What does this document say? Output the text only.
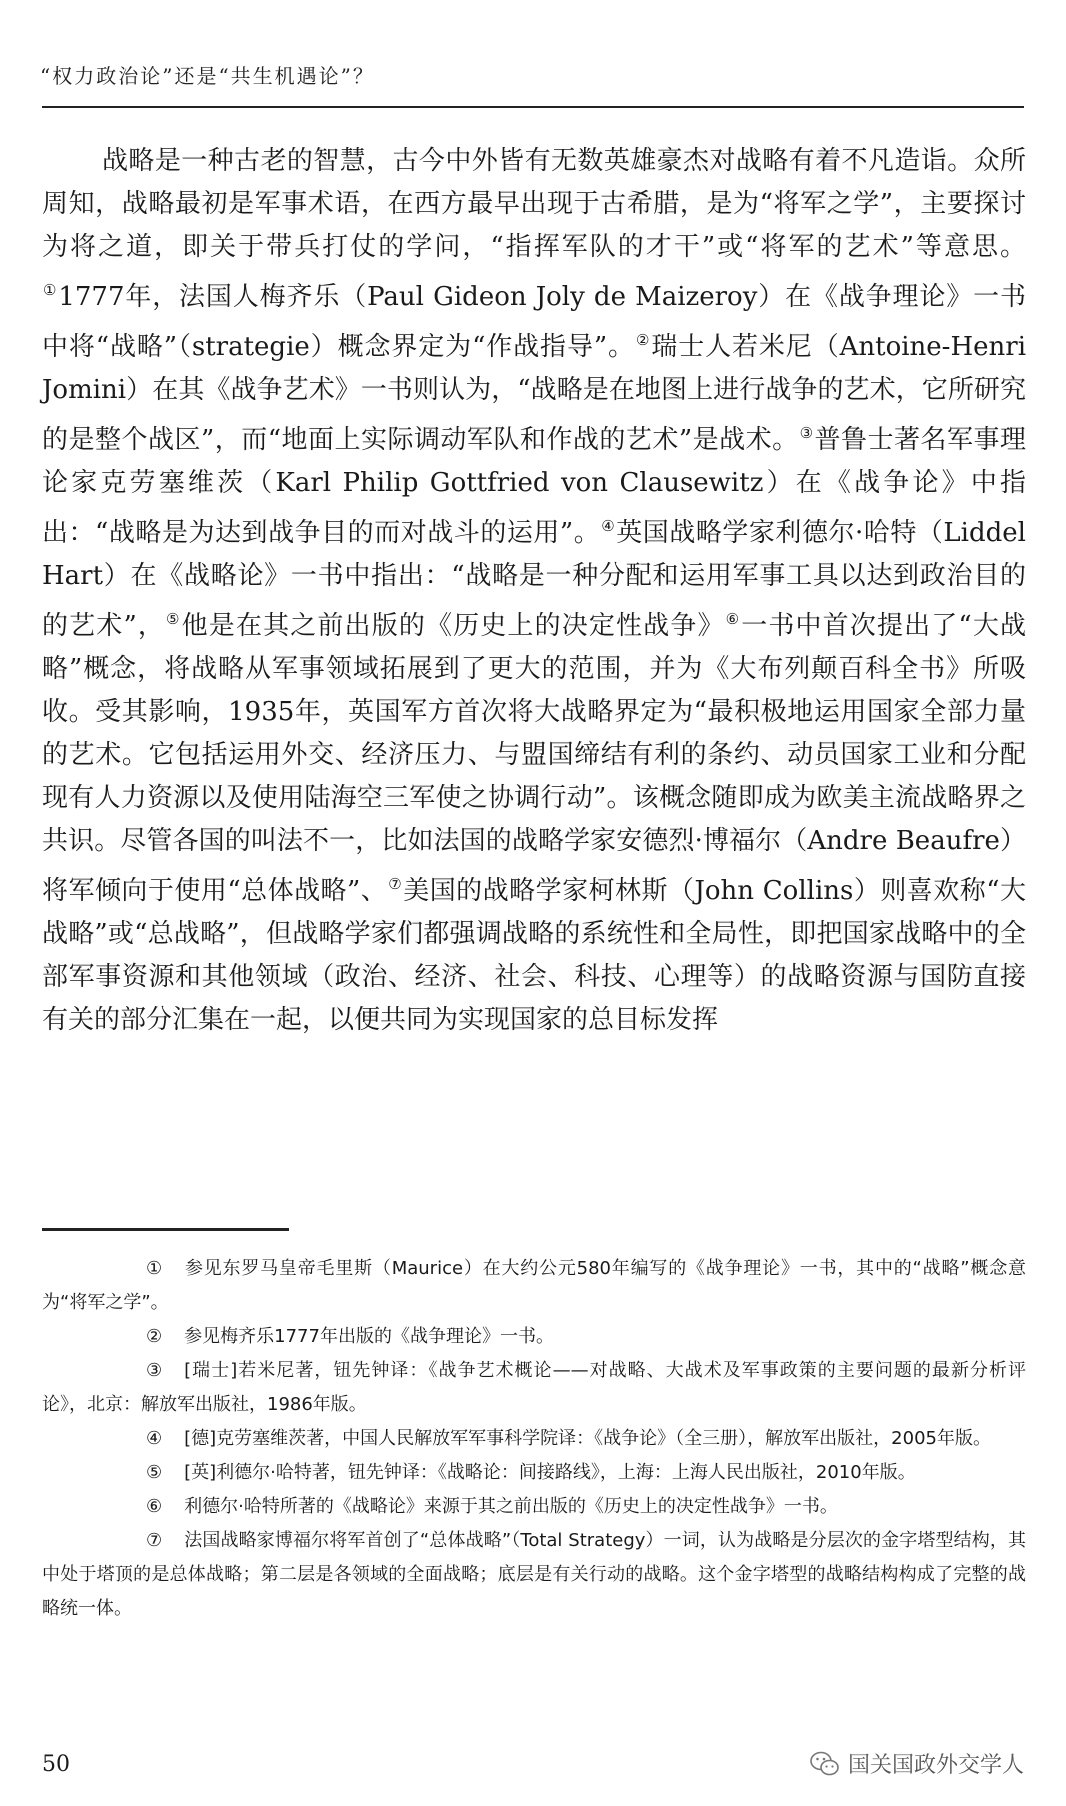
“权力政治论”还是“共生机遇论”？

战略是一种古老的智慧，古今中外皆有无数英雄豪杰对战略有着不凡造诣。众所周知，战略最初是军事术语，在西方最早出现于古希腊，是为“将军之学”，主要探讨为将之道，即关于带兵打仗的学问，“指挥军队的才干”或“将军的艺术”等意思。①1777年，法国人梅齐乐（Paul Gideon Joly de Maizeroy）在《战争理论》一书中将“战略”（strategie）概念界定为“作战指导”。②瑞士人若米尼（Antoine-Henri Jomini）在其《战争艺术》一书则认为，“战略是在地图上进行战争的艺术，它所研究的是整个战区”，而“地面上实际调动军队和作战的艺术”是战术。③普鲁士著名军事理论家克劳塞维茨（Karl Philip Gottfried von Clausewitz）在《战争论》中指出：“战略是为达到战争目的而对战斗的运用”。④英国战略学家利德尔·哈特（Liddel Hart）在《战略论》一书中指出：“战略是一种分配和运用军事工具以达到政治目的的艺术”，⑤他是在其之前出版的《历史上的决定性战争》⑥一书中首次提出了“大战略”概念，将战略从军事领域拓展到了更大的范围，并为《大布列颠百科全书》所吸收。受其影响，1935年，英国军方首次将大战略界定为“最积极地运用国家全部力量的艺术。它包括运用外交、经济压力、与盟国缔结有利的条约、动员国家工业和分配现有人力资源以及使用陆海空三军使之协调行动”。该概念随即成为欧美主流战略界之共识。尽管各国的叫法不一，比如法国的战略学家安德烈·博福尔（Andre Beaufre）将军倾向于使用“总体战略”、⑦美国的战略学家柯林斯（John Collins）则喜欢称“大战略”或“总战略”，但战略学家们都强调战略的系统性和全局性，即把国家战略中的全部军事资源和其他领域（政治、经济、社会、科技、心理等）的战略资源与国防直接有关的部分汇集在一起，以便共同为实现国家的总目标发挥

① 参见东罗马皇帝毛里斯（Maurice）在大约公元580年编写的《战争理论》一书，其中的“战略”概念意为“将军之学”。

② 参见梅齐乐1777年出版的《战争理论》一书。

③ [瑞士]若米尼著，钮先钟译：《战争艺术概论——对战略、大战术及军事政策的主要问题的最新分析评论》，北京：解放军出版社，1986年版。

④ [德]克劳塞维茨著，中国人民解放军军事科学院译：《战争论》（全三册），解放军出版社，2005年版。

⑤ [英]利德尔·哈特著，钮先钟译：《战略论：间接路线》，上海：上海人民出版社，2010年版。

⑥ 利德尔·哈特所著的《战略论》来源于其之前出版的《历史上的决定性战争》一书。

⑦ 法国战略家博福尔将军首创了“总体战略”（Total Strategy）一词，认为战略是分层次的金字塔型结构，其中处于塔顶的是总体战略；第二层是各领域的全面战略；底层是有关行动的战略。这个金字塔型的战略结构构成了完整的战略统一体。

50	国关国政外交学人
